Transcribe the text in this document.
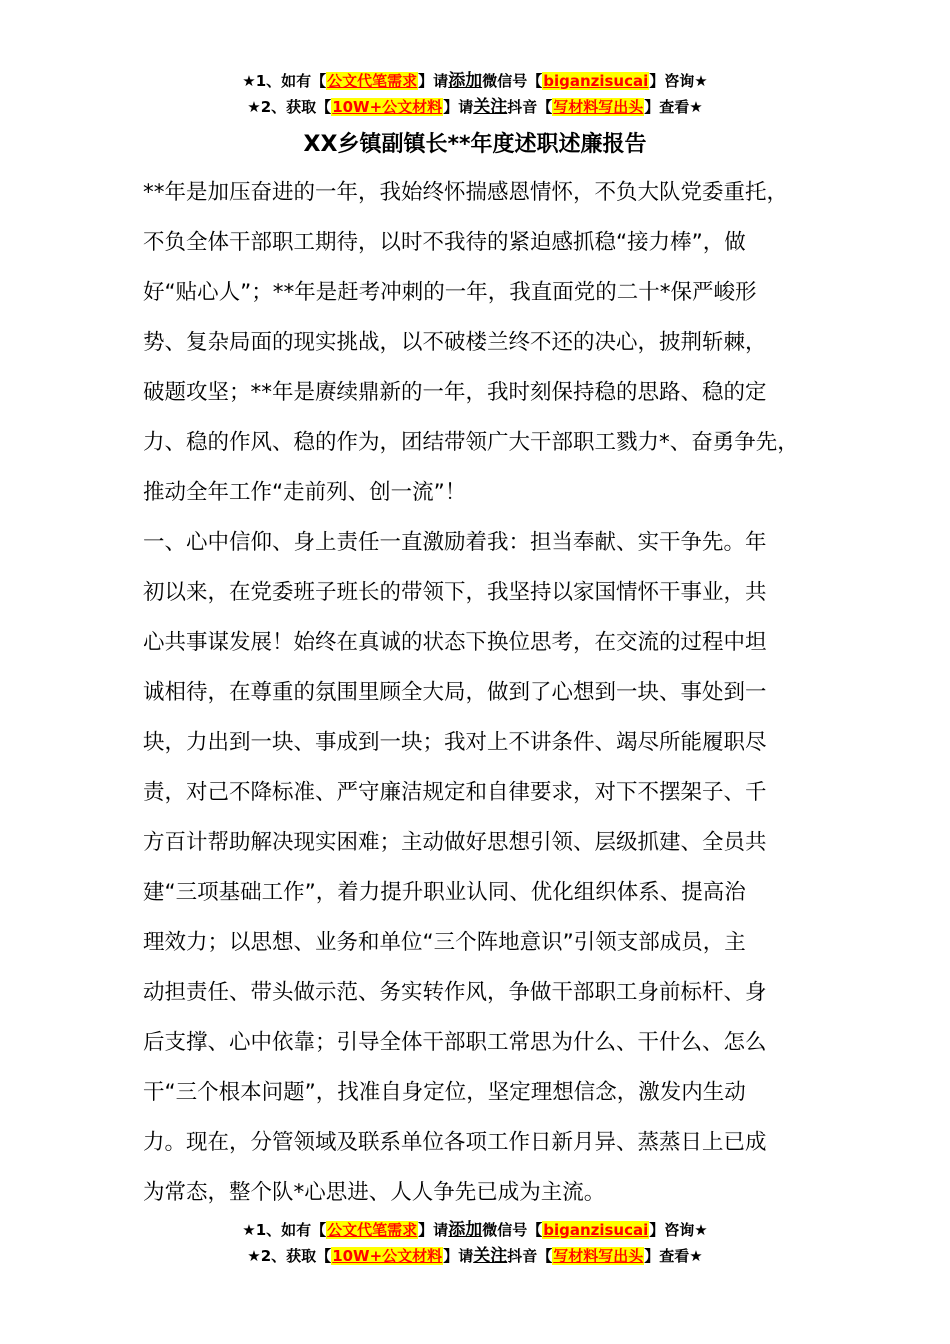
★1、如有【公文代笔需求】请添加微信号【biganzisucai】咨询★
★2、获取【10W+公文材料】请关注抖音【写材料写出头】查看★
XX乡镇副镇长**年度述职述廉报告

**年是加压奋进的一年，我始终怀揣感恩情怀，不负大队党委重托，
不负全体干部职工期待，以时不我待的紧迫感抓稳“接力棒”，做
好“贴心人”；**年是赶考冲刺的一年，我直面党的二十*保严峻形
势、复杂局面的现实挑战，以不破楼兰终不还的决心，披荆斩棘，
破题攻坚；**年是赓续鼎新的一年，我时刻保持稳的思路、稳的定
力、稳的作风、稳的作为，团结带领广大干部职工戮力*、奋勇争先，
推动全年工作“走前列、创一流”！

一、心中信仰、身上责任一直激励着我：担当奉献、实干争先。年
初以来，在党委班子班长的带领下，我坚持以家国情怀干事业，共
心共事谋发展！始终在真诚的状态下换位思考，在交流的过程中坦
诚相待，在尊重的氛围里顾全大局，做到了心想到一块、事处到一
块，力出到一块、事成到一块；我对上不讲条件、竭尽所能履职尽
责，对己不降标准、严守廉洁规定和自律要求，对下不摆架子、千
方百计帮助解决现实困难；主动做好思想引领、层级抓建、全员共
建“三项基础工作”，着力提升职业认同、优化组织体系、提高治
理效力；以思想、业务和单位“三个阵地意识”引领支部成员，主
动担责任、带头做示范、务实转作风，争做干部职工身前标杆、身
后支撑、心中依靠；引导全体干部职工常思为什么、干什么、怎么
干“三个根本问题”，找准自身定位，坚定理想信念，激发内生动
力。现在，分管领域及联系单位各项工作日新月异、蒸蒸日上已成
为常态，整个队*心思进、人人争先已成为主流。

★1、如有【公文代笔需求】请添加微信号【biganzisucai】咨询★
★2、获取【10W+公文材料】请关注抖音【写材料写出头】查看★
